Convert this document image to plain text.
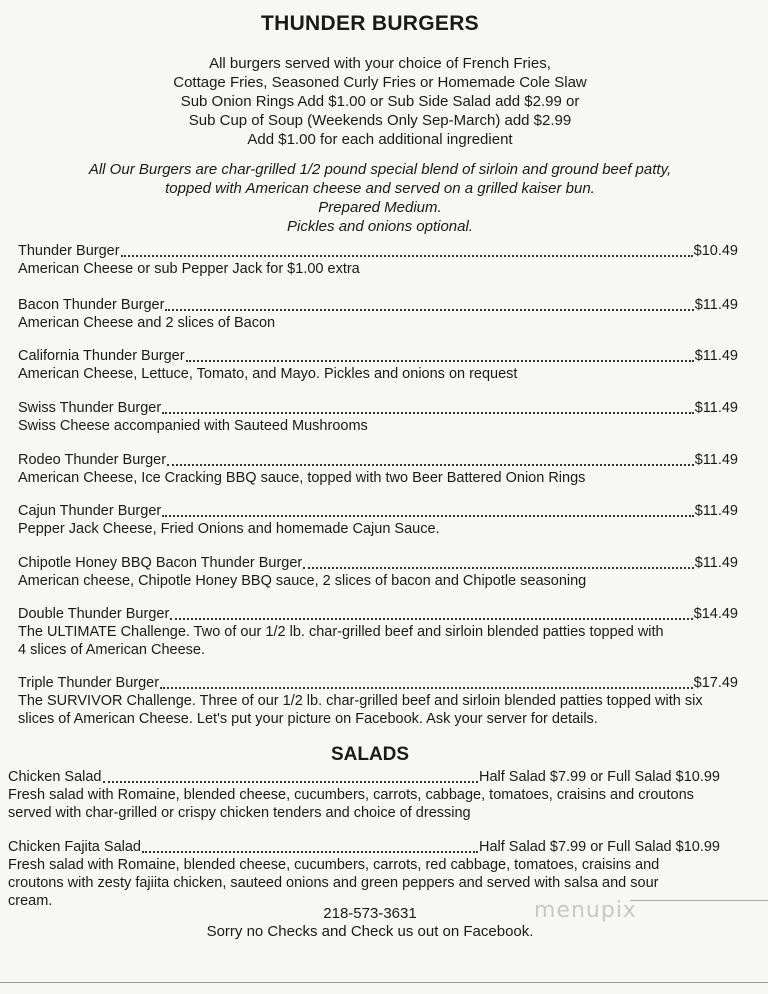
THUNDER BURGERS
All burgers served with your choice of French Fries,
Cottage Fries, Seasoned Curly Fries or Homemade Cole Slaw
Sub Onion Rings Add $1.00 or Sub Side Salad add $2.99 or
Sub Cup of Soup (Weekends Only Sep-March) add $2.99
Add $1.00 for each additional ingredient
All Our Burgers are char-grilled 1/2 pound special blend of sirloin and ground beef patty,
topped with American cheese and served on a grilled kaiser bun.
Prepared Medium.
Pickles and onions optional.
Thunder Burger	$10.49
American Cheese or sub Pepper Jack for $1.00 extra
Bacon Thunder Burger	$11.49
American Cheese and 2 slices of Bacon
California Thunder Burger	$11.49
American Cheese, Lettuce, Tomato, and Mayo. Pickles and onions on request
Swiss Thunder Burger	$11.49
Swiss Cheese accompanied with Sauteed Mushrooms
Rodeo Thunder Burger	$11.49
American Cheese, Ice Cracking BBQ sauce, topped with two Beer Battered Onion Rings
Cajun Thunder Burger	$11.49
Pepper Jack Cheese, Fried Onions and homemade Cajun Sauce.
Chipotle Honey BBQ Bacon Thunder Burger	$11.49
American cheese, Chipotle Honey BBQ sauce, 2 slices of bacon and Chipotle seasoning
Double Thunder Burger	$14.49
The ULTIMATE Challenge. Two of our 1/2 lb. char-grilled beef and sirloin blended patties topped with
4 slices of American Cheese.
Triple Thunder Burger	$17.49
The SURVIVOR Challenge. Three of our 1/2 lb. char-grilled beef and sirloin blended patties topped with six
slices of American Cheese. Let's put your picture on Facebook. Ask your server for details.
SALADS
Chicken Salad	Half Salad $7.99 or Full Salad $10.99
Fresh salad with Romaine, blended cheese, cucumbers, carrots, cabbage, tomatoes, craisins and croutons
served with char-grilled or crispy chicken tenders and choice of dressing
Chicken Fajita Salad	Half Salad $7.99 or Full Salad $10.99
Fresh salad with Romaine, blended cheese, cucumbers, carrots, red cabbage, tomatoes, craisins and
croutons with zesty fajiita chicken, sauteed onions and green peppers and served with salsa and sour
cream.
218-573-3631
Sorry no Checks and Check us out on Facebook.
menupix
